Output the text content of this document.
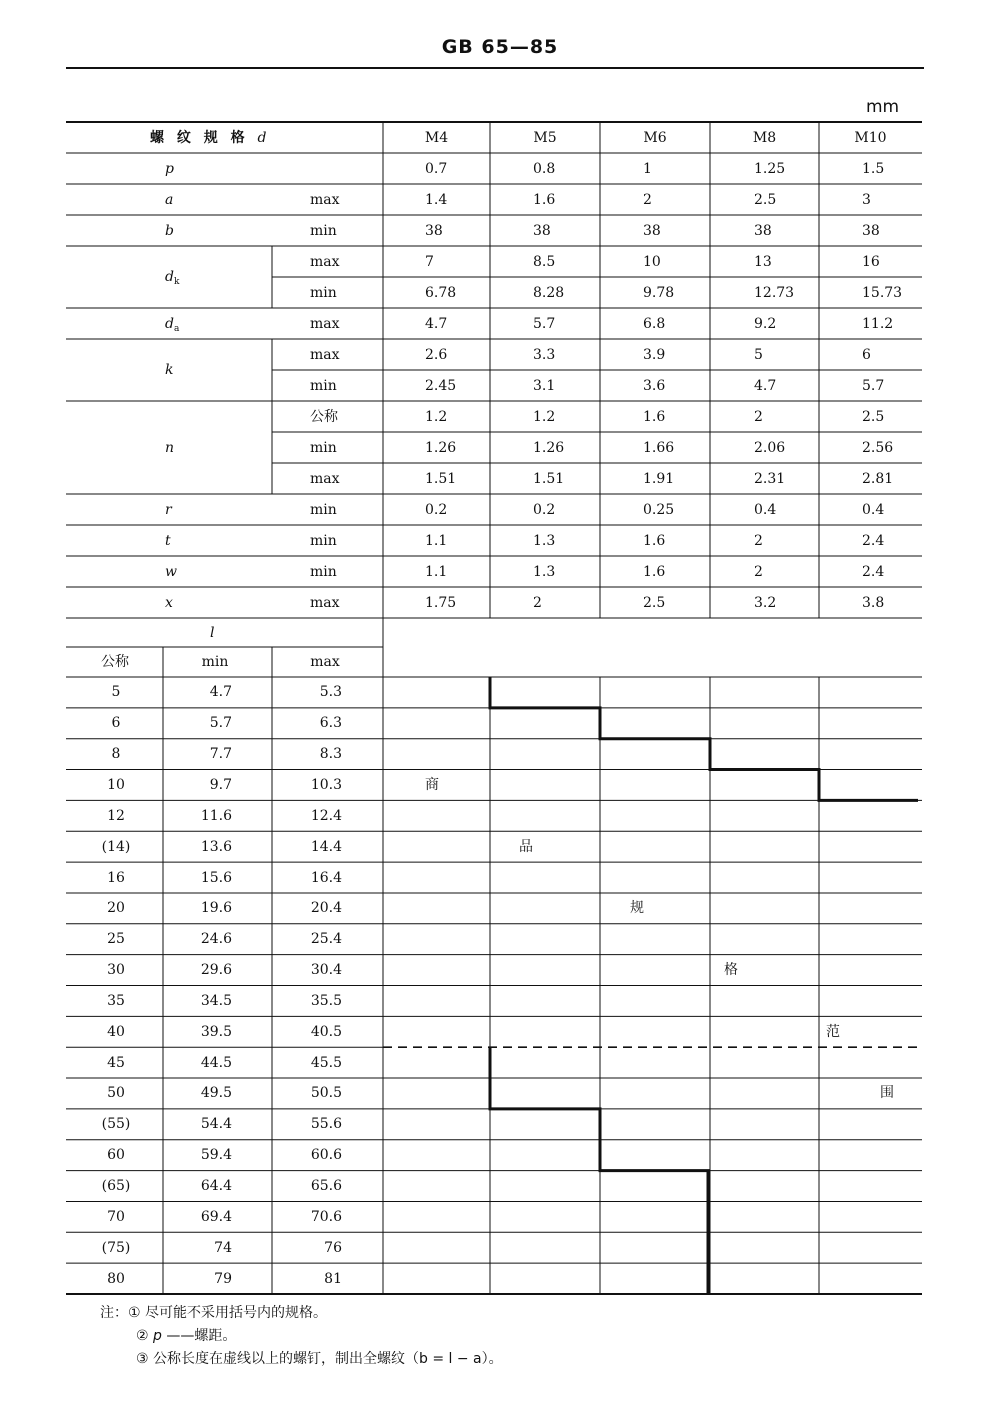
GB 65—85
mm
螺 纹 规 格 d	M4	M5	M6	M8	M10
p	0.7	0.8	1	1.25	1.5
a	max	1.4	1.6	2	2.5	3
b	min	38	38	38	38	38
$d_k$
max	7	8.5	10	13	16
min	6.78	8.28	9.78	12.73	15.73
$d_a$	max	4.7	5.7	6.8	9.2	11.2
k
max	2.6	3.3	3.9	5	6
min	2.45	3.1	3.6	4.7	5.7
n
公称	1.2	1.2	1.6	2	2.5
min	1.26	1.26	1.66	2.06	2.56
max	1.51	1.51	1.91	2.31	2.81
r	min	0.2	0.2	0.25	0.4	0.4
t	min	1.1	1.3	1.6	2	2.4
w	min	1.1	1.3	1.6	2	2.4
x	max	1.75	2	2.5	3.2	3.8
l
公称	min	max
5	4.7	5.3
6	5.7	6.3
8	7.7	8.3
10	9.7	10.3
12	11.6	12.4
(14)	13.6	14.4
16	15.6	16.4
20	19.6	20.4
25	24.6	25.4
30	29.6	30.4
35	34.5	35.5
40	39.5	40.5
45	44.5	45.5
50	49.5	50.5
(55)	54.4	55.6
60	59.4	60.6
(65)	64.4	65.6
70	69.4	70.6
(75)	74	76
80	79	81
商
品
规
格
范
围
注：① 尽可能不采用括号内的规格。
② p ——螺距。
③ 公称长度在虚线以上的螺钉，制出全螺纹（b = l − a）。
